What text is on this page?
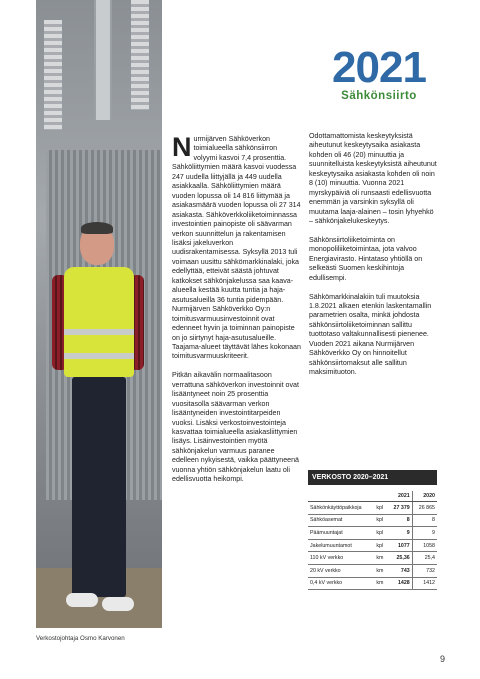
Verkostojohtaja Osmo Karvonen
2021
Sähkönsiirto

Nurmijärven Sähköverkon toimialueella sähkönsiirron volyymi kasvoi 7,4 prosenttia. Sähköliittymien määrä kasvoi vuodessa 247 uudella liittyjällä ja 449 uudella asiakkaalla. Sähköliittymien määrä vuoden lopussa oli 14 816 liittymää ja asiakasmäärä vuoden lopussa oli 27 314 asiakasta. Sähköverkkoliiketoiminnassa investointien painopiste oli säävarman verkon suunnittelun ja rakentamisen lisäksi jakeluverkon uudisrakentamisessa. Syksyllä 2013 tuli voimaan uusittu sähkömarkkinalaki, joka edellyttää, etteivät säästä johtuvat katkokset sähkönjakelussa saa kaava-alueella kestää kuutta tuntia ja haja-asutusalueilla 36 tuntia pidempään. Nurmijärven Sähköverkko Oy:n toimitusvarmuusinvestoinnit ovat edenneet hyvin ja toiminnan painopiste on jo siirtynyt haja-asutusalueille. Taajama-alueet täyttävät lähes kokonaan toimitusvarmuuskriteerit.

Pitkän aikavälin normaalitasoon verrattuna sähköverkon investoinnit ovat lisääntyneet noin 25 prosenttia vuositasolla säävarman verkon lisääntyneiden investointitarpeiden vuoksi. Lisäksi verkostoinvestointeja kasvattaa toimialueella asiakasliittymien lisäys. Lisäinvestointien myötä sähkönjakelun varmuus paranee edelleen nykyisestä, vaikka päättyneenä vuonna yhtiön sähkönjakelun laatu oli edellisvuotta heikompi.

Odottamattomista keskeytyksistä aiheutunut keskeytysaika asiakasta kohden oli 46 (20) minuuttia ja suunnitelluista keskeytyksistä aiheutunut keskeytysaika asiakasta kohden oli noin 8 (10) minuuttia. Vuonna 2021 myrskypäiviä oli runsaasti edellisvuotta enemmän ja varsinkin syksyllä oli muutama laaja-alainen – tosin lyhyehkö – sähkönjakelukeskeytys.

Sähkönsiirtoliiketoiminta on monopoliliiketoimintaa, jota valvoo Energiavirasto. Hintataso yhtiöllä on selkeästi Suomen keskihintoja edullisempi.

Sähkömarkkinalakiin tuli muutoksia 1.8.2021 alkaen etenkin laskentamallin parametrien osalta, minkä johdosta sähkönsiirtoliiketoiminnan sallittu tuottotaso valtakunnallisesti pienenee. Vuoden 2021 aikana Nurmijärven Sähköverkko Oy on hinnoitellut sähkönsiirtomaksut alle sallitun maksimituoton.

VERKOSTO 2020–2021
		2021	2020
Sähkönkäyttöpaikkoja	kpl	27 379	26 865
Sähköasemat	kpl	8	8
Päämuuntajat	kpl	9	9
Jakelumuuntamot	kpl	1077	1058
110 kV verkko	km	25,36	25,4
20 kV verkko	km	743	732
0,4 kV verkko	km	1428	1412
9
